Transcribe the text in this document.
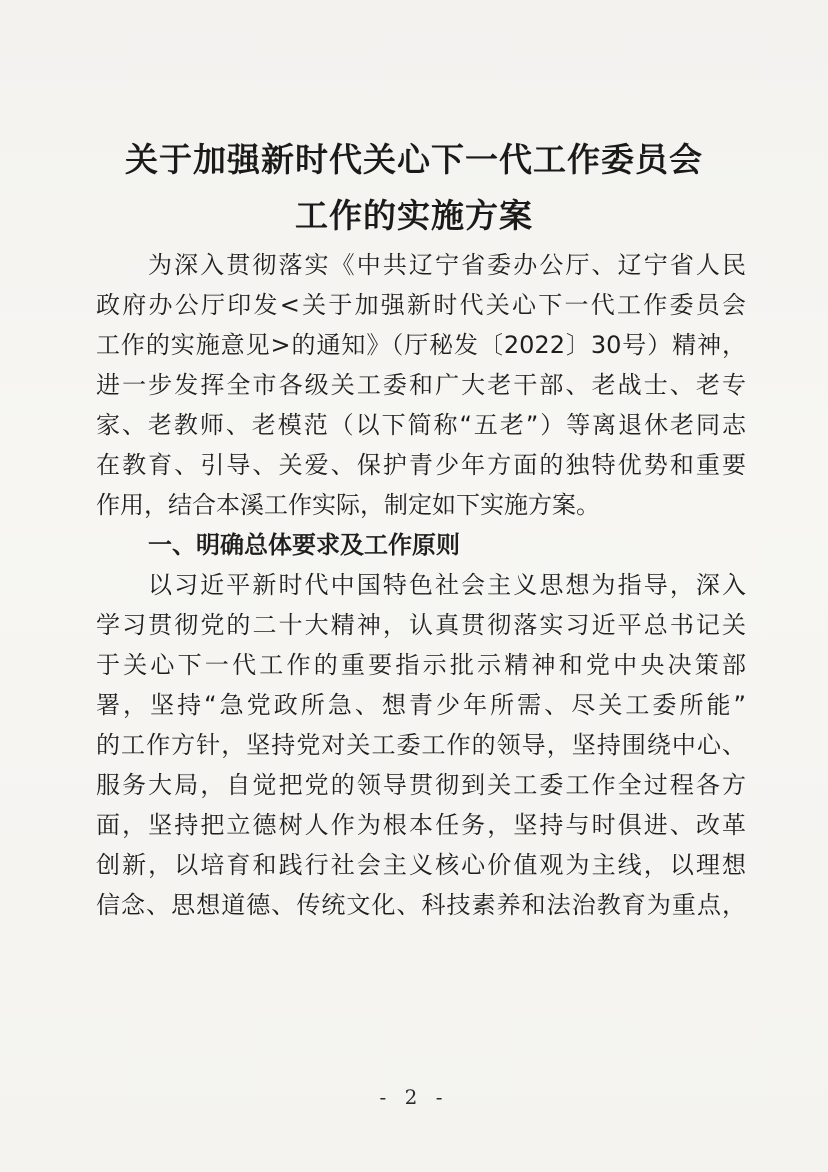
关于加强新时代关心下一代工作委员会
工作的实施方案
为深入贯彻落实《中共辽宁省委办公厅、辽宁省人民
政府办公厅印发<关于加强新时代关心下一代工作委员会
工作的实施意见>的通知》（厅秘发〔2022〕30号）精神，
进一步发挥全市各级关工委和广大老干部、老战士、老专
家、老教师、老模范（以下简称“五老”）等离退休老同志
在教育、引导、关爱、保护青少年方面的独特优势和重要
作用，结合本溪工作实际，制定如下实施方案。
一、明确总体要求及工作原则
以习近平新时代中国特色社会主义思想为指导，深入
学习贯彻党的二十大精神，认真贯彻落实习近平总书记关
于关心下一代工作的重要指示批示精神和党中央决策部
署，坚持“急党政所急、想青少年所需、尽关工委所能”
的工作方针，坚持党对关工委工作的领导，坚持围绕中心、
服务大局，自觉把党的领导贯彻到关工委工作全过程各方
面，坚持把立德树人作为根本任务，坚持与时俱进、改革
创新，以培育和践行社会主义核心价值观为主线，以理想
信念、思想道德、传统文化、科技素养和法治教育为重点，
- 2 -
